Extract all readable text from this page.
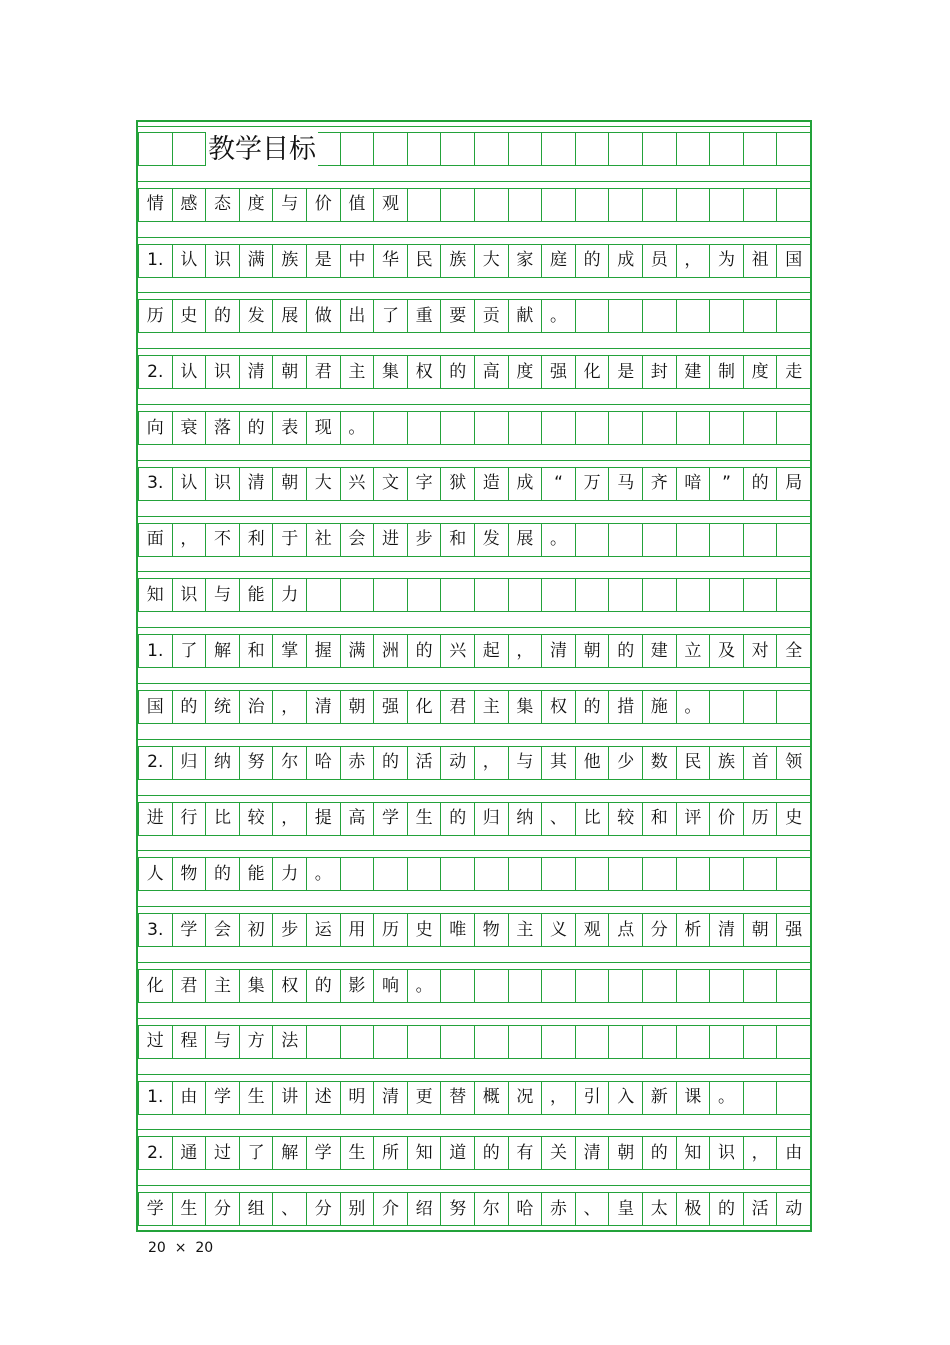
教学目标
情 感 态 度 与 价 值 观
1. 认 识 满 族 是 中 华 民 族 大 家 庭 的 成 员 ， 为 祖 国
历 史 的 发 展 做 出 了 重 要 贡 献 。
2. 认 识 清 朝 君 主 集 权 的 高 度 强 化 是 封 建 制 度 走
向 衰 落 的 表 现 。
3. 认 识 清 朝 大 兴 文 字 狱 造 成	“	万 马 齐 喑	”	的 局
面 ， 不 利 于 社 会 进 步 和 发 展 。
知 识 与 能 力
1. 了 解 和 掌 握 满 洲 的 兴 起 ， 清 朝 的 建 立 及 对 全
国 的 统 治 ， 清 朝 强 化 君 主 集 权 的 措 施 。
2. 归 纳 努 尔 哈 赤 的 活 动 ， 与 其 他 少 数 民 族 首 领
进 行 比 较 ， 提 高 学 生 的 归 纳 、 比 较 和 评 价 历 史
人 物 的 能 力 。
3. 学 会 初 步 运 用 历 史 唯 物 主 义 观 点 分 析 清 朝 强
化 君 主 集 权 的 影 响 。
过 程 与 方 法
1. 由 学 生 讲 述 明 清 更 替 概 况 ， 引 入 新 课 。
2. 通 过 了 解 学 生 所 知 道 的 有 关 清 朝 的 知 识 ， 由
学 生 分 组 、 分 别 介 绍 努 尔 哈 赤 、 皇 太 极 的 活 动
20  ×  20
